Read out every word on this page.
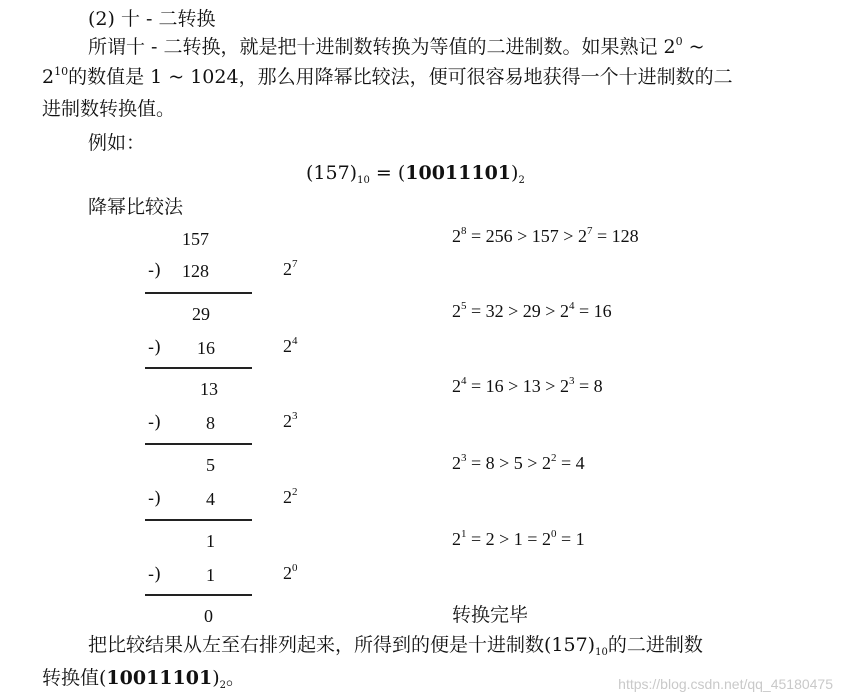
(2) 十 - 二转换
所谓十 - 二转换，就是把十进制数转换为等值的二进制数。如果熟记 $2^0$ ~
$2^{10}$的数值是 1 ~ 1024，那么用降幂比较法，便可很容易地获得一个十进制数的二
进制数转换值。
例如：
$(157)_{10} = (10011101)_2$
降幂比较法
157
-) 128	$2^7$
29
-) 16	$2^4$
13
-) 8	$2^3$
5
-) 4	$2^2$
1
-) 1	$2^0$
0
$2^8 = 256 > 157 > 2^7 = 128$
$2^5 = 32 > 29 > 2^4 = 16$
$2^4 = 16 > 13 > 2^3 = 8$
$2^3 = 8 > 5 > 2^2 = 4$
$2^1 = 2 > 1 = 2^0 = 1$
转换完毕
把比较结果从左至右排列起来，所得到的便是十进制数$(157)_{10}$的二进制数
转换值$(10011101)_2$。	https://blog.csdn.net/qq_45180475
